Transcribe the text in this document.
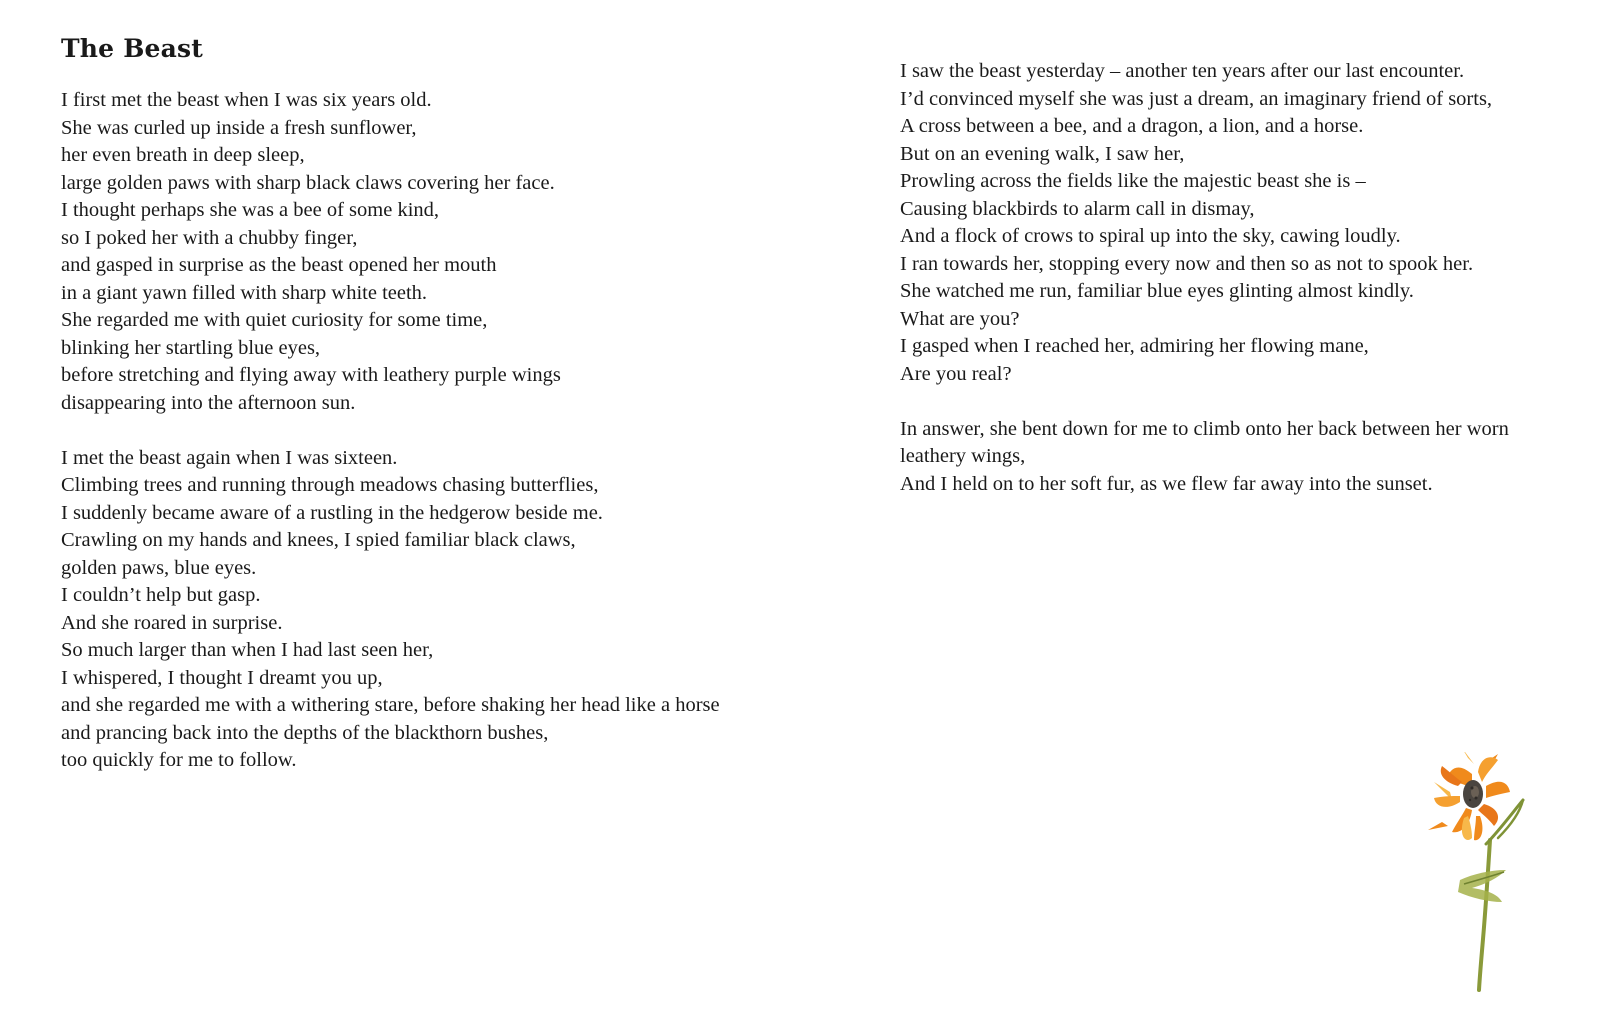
The Beast
I first met the beast when I was six years old.
She was curled up inside a fresh sunflower,
her even breath in deep sleep,
large golden paws with sharp black claws covering her face.
I thought perhaps she was a bee of some kind,
so I poked her with a chubby finger,
and gasped in surprise as the beast opened her mouth
in a giant yawn filled with sharp white teeth.
She regarded me with quiet curiosity for some time,
blinking her startling blue eyes,
before stretching and flying away with leathery purple wings
disappearing into the afternoon sun.
I met the beast again when I was sixteen.
Climbing trees and running through meadows chasing butterflies,
I suddenly became aware of a rustling in the hedgerow beside me.
Crawling on my hands and knees, I spied familiar black claws,
golden paws, blue eyes.
I couldn’t help but gasp.
And she roared in surprise.
So much larger than when I had last seen her,
I whispered, I thought I dreamt you up,
and she regarded me with a withering stare, before shaking her head like a horse
and prancing back into the depths of the blackthorn bushes,
too quickly for me to follow.
I saw the beast yesterday – another ten years after our last encounter.
I’d convinced myself she was just a dream, an imaginary friend of sorts,
A cross between a bee, and a dragon, a lion, and a horse.
But on an evening walk, I saw her,
Prowling across the fields like the majestic beast she is –
Causing blackbirds to alarm call in dismay,
And a flock of crows to spiral up into the sky, cawing loudly.
I ran towards her, stopping every now and then so as not to spook her.
She watched me run, familiar blue eyes glinting almost kindly.
What are you?
I gasped when I reached her, admiring her flowing mane,
Are you real?
In answer, she bent down for me to climb onto her back between her worn leathery wings,
And I held on to her soft fur, as we flew far away into the sunset.
